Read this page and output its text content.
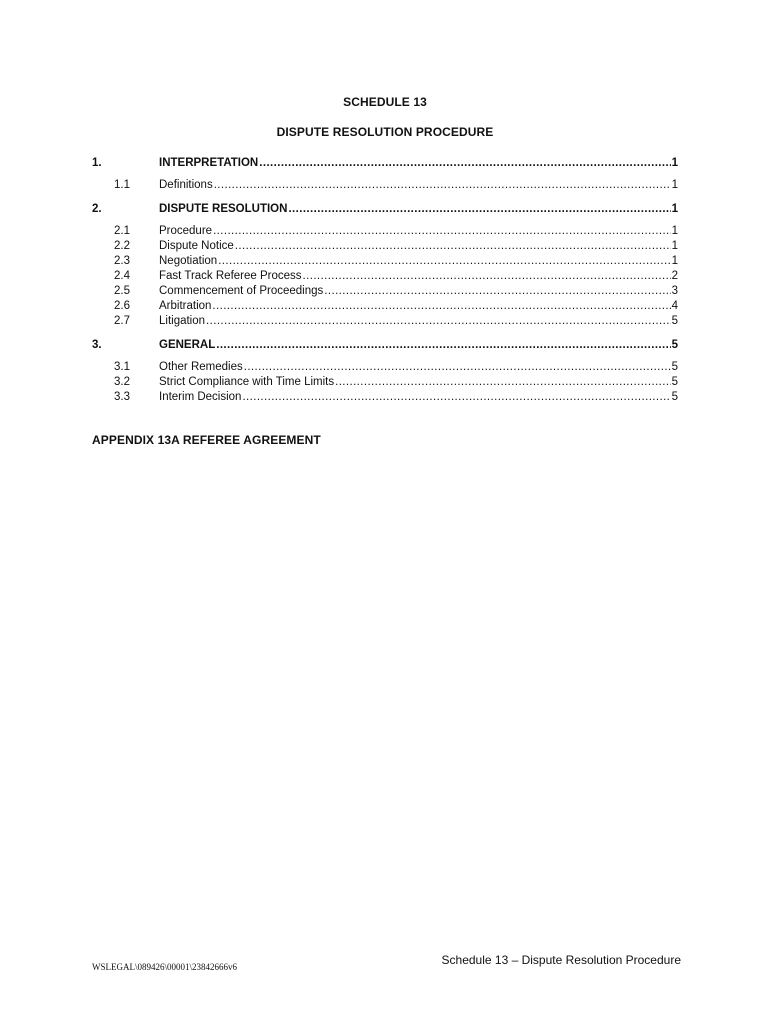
SCHEDULE 13
DISPUTE RESOLUTION PROCEDURE
1.	INTERPRETATION .....	1
1.1	Definitions .....	1
2.	DISPUTE RESOLUTION .....	1
2.1	Procedure .....	1
2.2	Dispute Notice .....	1
2.3	Negotiation .....	1
2.4	Fast Track Referee Process .....	2
2.5	Commencement of Proceedings .....	3
2.6	Arbitration .....	4
2.7	Litigation .....	5
3.	GENERAL .....	5
3.1	Other Remedies .....	5
3.2	Strict Compliance with Time Limits .....	5
3.3	Interim Decision .....	5
APPENDIX 13A REFEREE AGREEMENT
WSLEGAL\089426\00001\23842666v6	Schedule 13 – Dispute Resolution Procedure
